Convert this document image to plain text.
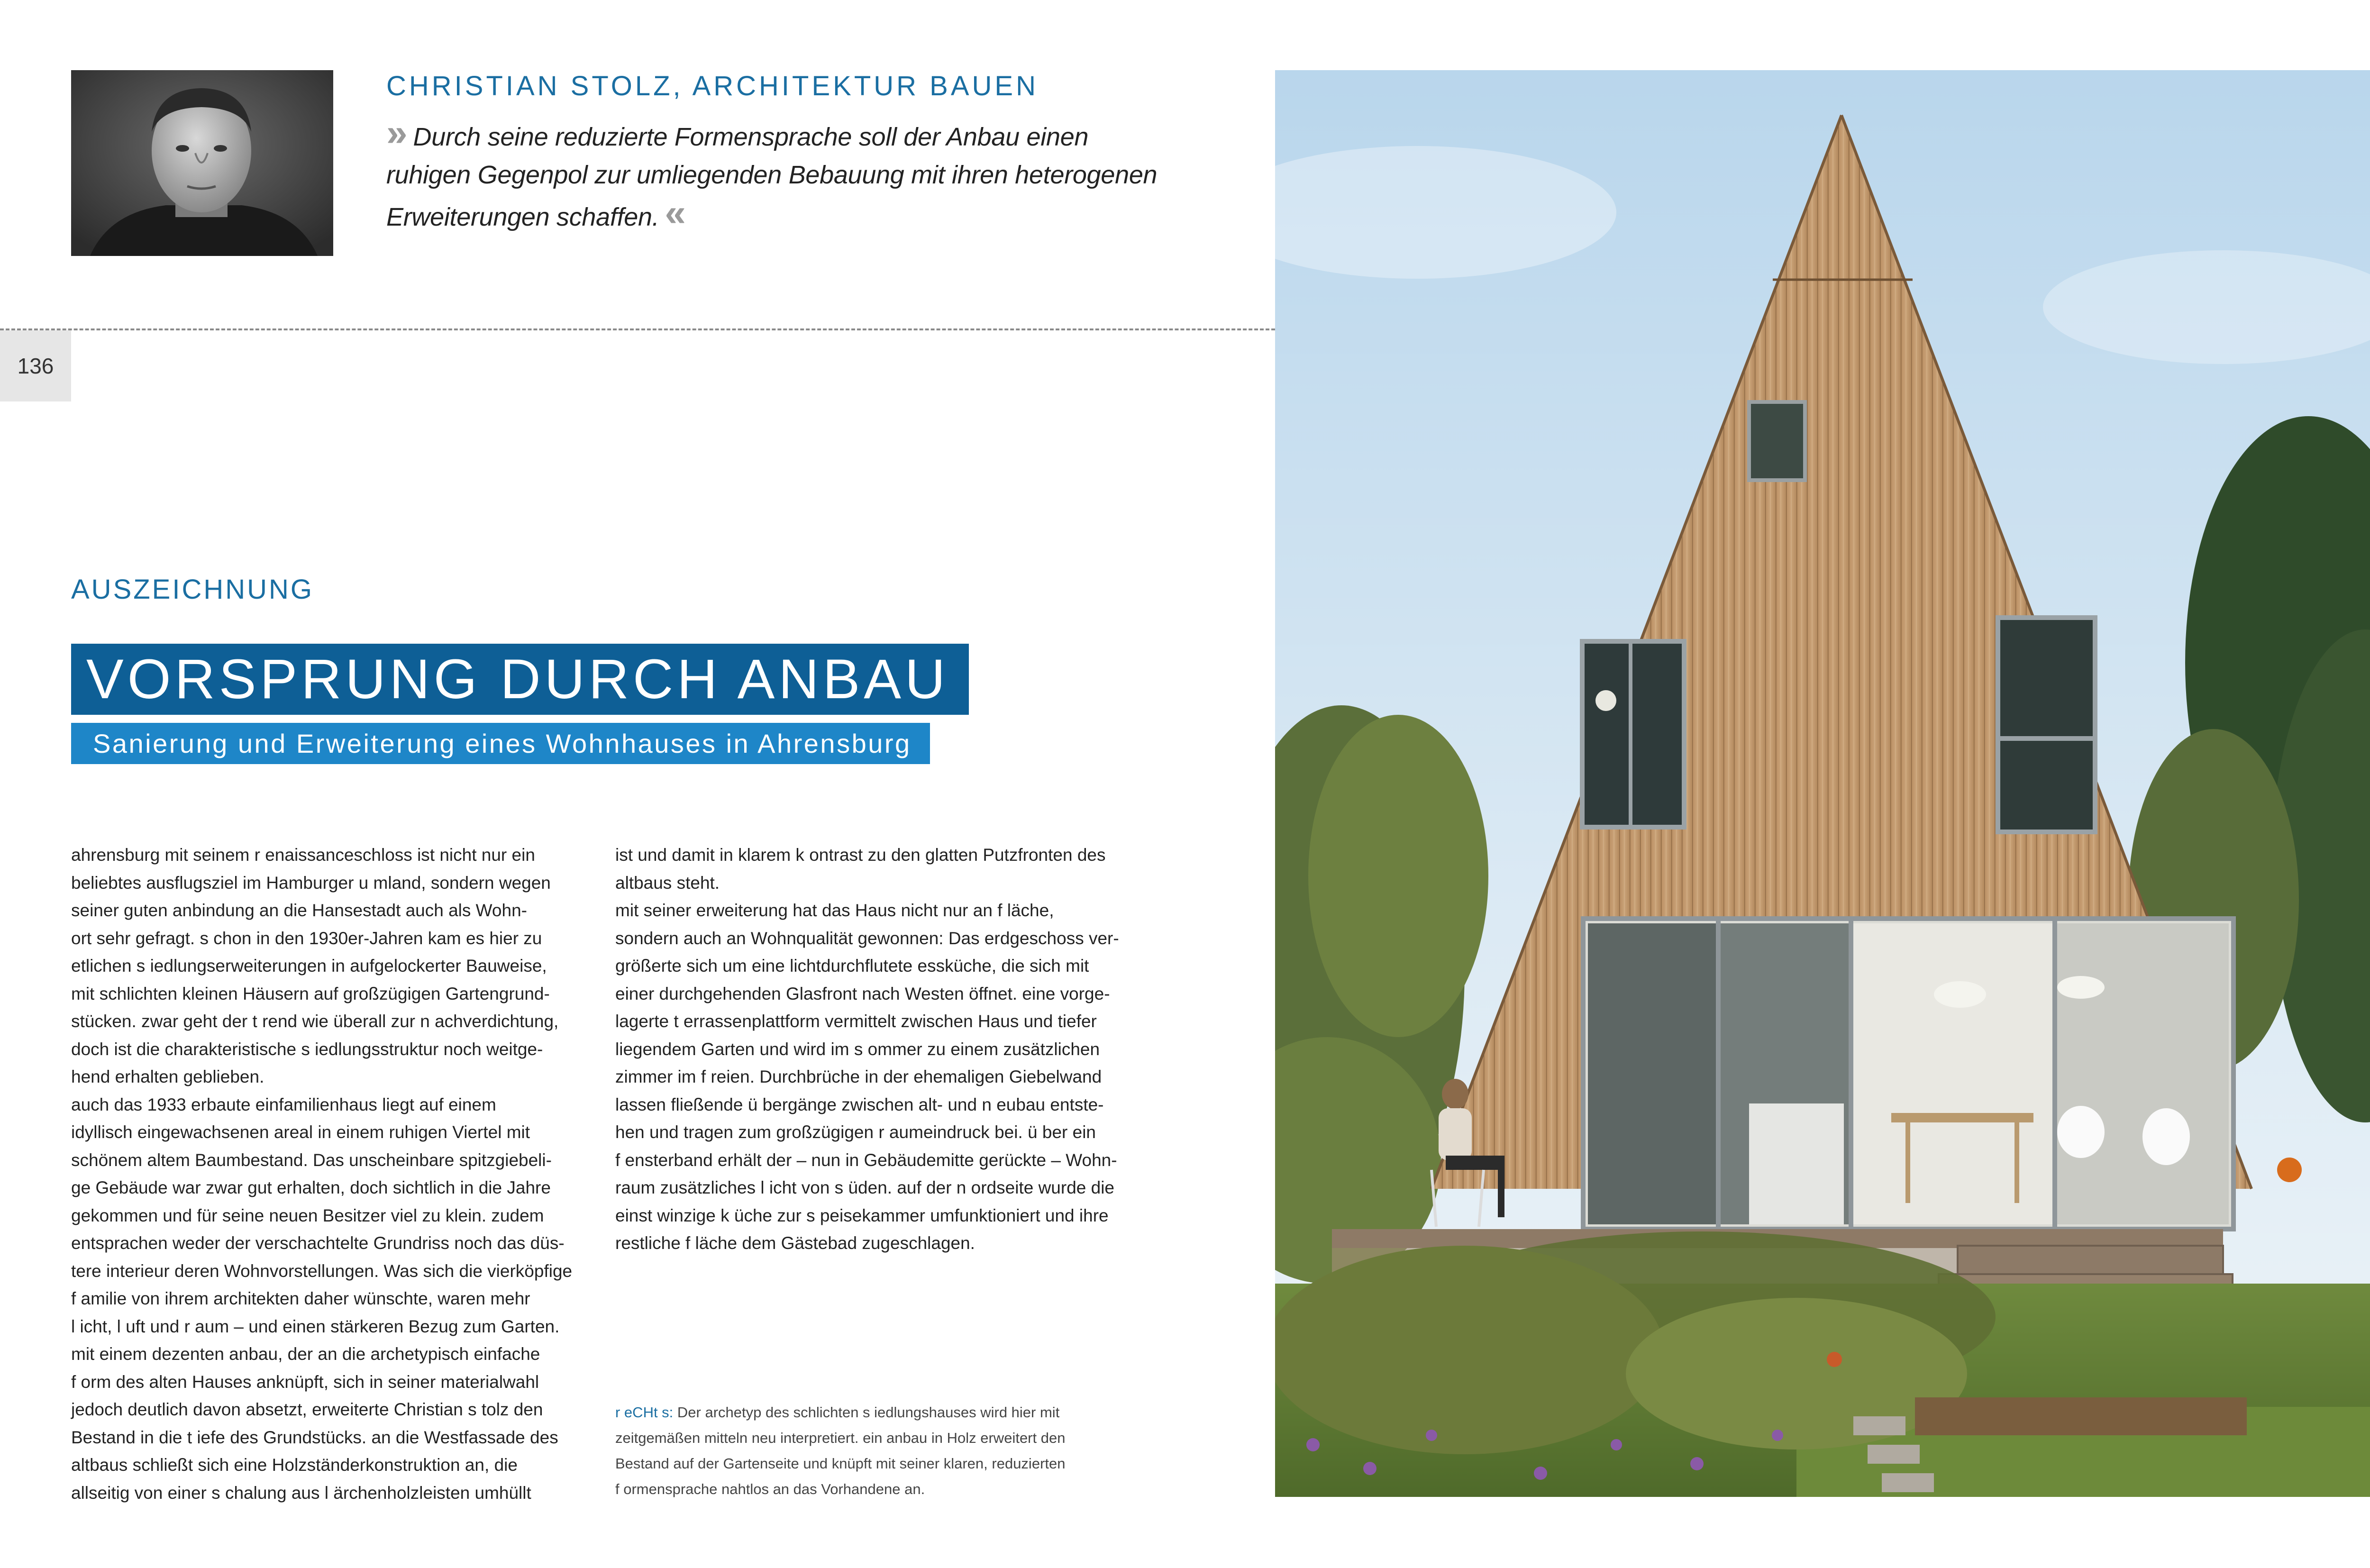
CHRISTIAN STOLZ, ARCHITEKTUR BAUEN
» Durch seine reduzierte Formensprache soll der Anbau einen
ruhigen Gegenpol zur umliegenden Bebauung mit ihren heterogenen
Erweiterungen schaffen. «
136
AUSZEICHNUNG
VORSPRUNG DURCH ANBAU
Sanierung und Erweiterung eines Wohnhauses in Ahrensburg

ahrensburg mit seinem r enaissanceschloss ist nicht nur ein

beliebtes ausflugsziel im Hamburger u mland, sondern wegen

seiner guten anbindung an die Hansestadt auch als Wohn-

ort sehr gefragt. s chon in den 1930er-Jahren kam es hier zu

etlichen s iedlungserweiterungen in aufgelockerter Bauweise,

mit schlichten kleinen Häusern auf großzügigen Gartengrund-

stücken. zwar geht der t rend wie überall zur n achverdichtung,

doch ist die charakteristische s iedlungsstruktur noch weitge-

hend erhalten geblieben.

auch das 1933 erbaute einfamilienhaus liegt auf einem

idyllisch eingewachsenen areal in einem ruhigen Viertel mit

schönem altem Baumbestand. Das unscheinbare spitzgiebeli-

ge Gebäude war zwar gut erhalten, doch sichtlich in die Jahre

gekommen und für seine neuen Besitzer viel zu klein. zudem

entsprachen weder der verschachtelte Grundriss noch das düs-

tere interieur deren Wohnvorstellungen. Was sich die vierköpfige

f amilie von ihrem architekten daher wünschte, waren mehr

l icht, l uft und r aum – und einen stärkeren Bezug zum Garten.

mit einem dezenten anbau, der an die archetypisch einfache

f orm des alten Hauses anknüpft, sich in seiner materialwahl

jedoch deutlich davon absetzt, erweiterte Christian s tolz den

Bestand in die t iefe des Grundstücks. an die Westfassade des

altbaus schließt sich eine Holzständerkonstruktion an, die

allseitig von einer s chalung aus l ärchenholzleisten umhüllt

ist und damit in klarem k ontrast zu den glatten Putzfronten des

altbaus steht.

mit seiner erweiterung hat das Haus nicht nur an f läche,

sondern auch an Wohnqualität gewonnen: Das erdgeschoss ver-

größerte sich um eine lichtdurchflutete essküche, die sich mit

einer durchgehenden Glasfront nach Westen öffnet. eine vorge-

lagerte t errassenplattform vermittelt zwischen Haus und tiefer

liegendem Garten und wird im s ommer zu einem zusätzlichen

zimmer im f reien. Durchbrüche in der ehemaligen Giebelwand

lassen fließende ü bergänge zwischen alt- und n eubau entste-

hen und tragen zum großzügigen r aumeindruck bei. ü ber ein

f ensterband erhält der – nun in Gebäudemitte gerückte – Wohn-

raum zusätzliches l icht von s üden. auf der n ordseite wurde die

einst winzige k üche zur s peisekammer umfunktioniert und ihre

restliche f läche dem Gästebad zugeschlagen.

r eCHt s: Der archetyp des schlichten s iedlungshauses wird hier mit

zeitgemäßen mitteln neu interpretiert. ein anbau in Holz erweitert den

Bestand auf der Gartenseite und knüpft mit seiner klaren, reduzierten

f ormensprache nahtlos an das Vorhandene an.
